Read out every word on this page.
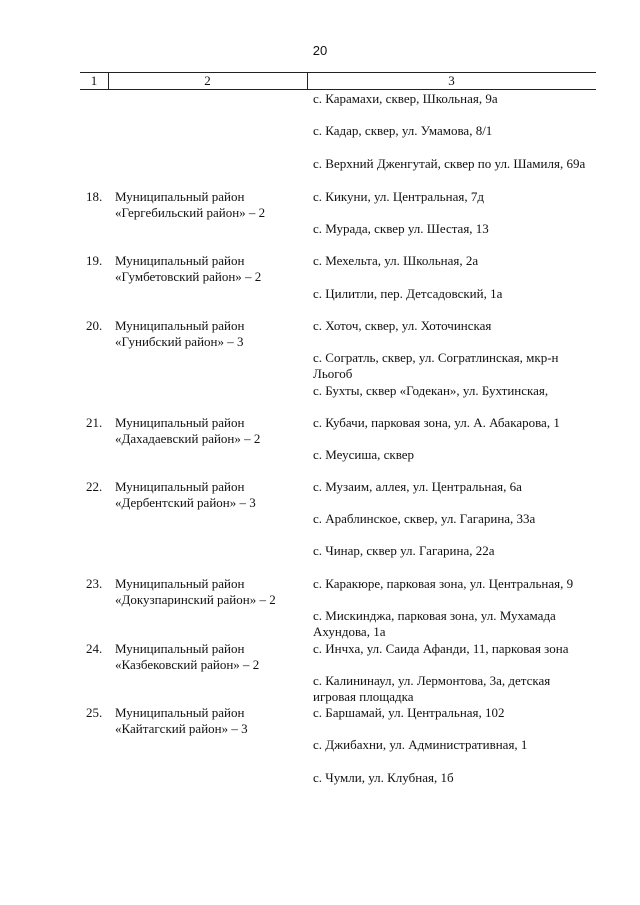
20
1	2	3
с. Карамахи, сквер, Школьная, 9а
с. Кадар, сквер, ул. Умамова, 8/1
с. Верхний Дженгутай, сквер по ул. Шамиля, 69а
18. Муниципальный район
«Гергебильский район» – 2
с. Кикуни, ул. Центральная, 7д
с. Мурада, сквер ул. Шестая, 13
19. Муниципальный район
«Гумбетовский район» – 2
с. Мехельта, ул. Школьная, 2а
с. Цилитли, пер. Детсадовский, 1а
20. Муниципальный район
«Гунибский район» – 3
с. Хоточ, сквер, ул. Хоточинская
с. Согратль, сквер, ул. Согратлинская, мкр-н
Льогоб
с. Бухты, сквер «Годекан», ул. Бухтинская,
21. Муниципальный район
«Дахадаевский район» – 2
с. Кубачи, парковая зона, ул. А. Абакарова, 1
с. Меусиша, сквер
22. Муниципальный район
«Дербентский район» – 3
с. Музаим, аллея, ул. Центральная, 6а
с. Араблинское, сквер, ул. Гагарина, 33а
с. Чинар, сквер ул. Гагарина, 22а
23. Муниципальный район
«Докузпаринский район» – 2
с. Каракюре, парковая зона, ул. Центральная, 9
с. Мискинджа, парковая зона, ул. Мухамада
Ахундова, 1а
24. Муниципальный район
«Казбековский район» – 2
с. Инчха, ул. Саида Афанди, 11, парковая зона
с. Калининаул, ул. Лермонтова, 3а, детская
игровая площадка
25. Муниципальный район
«Кайтагский район» – 3
с. Баршамай, ул. Центральная, 102
с. Джибахни, ул. Административная, 1
с. Чумли, ул. Клубная, 1б
